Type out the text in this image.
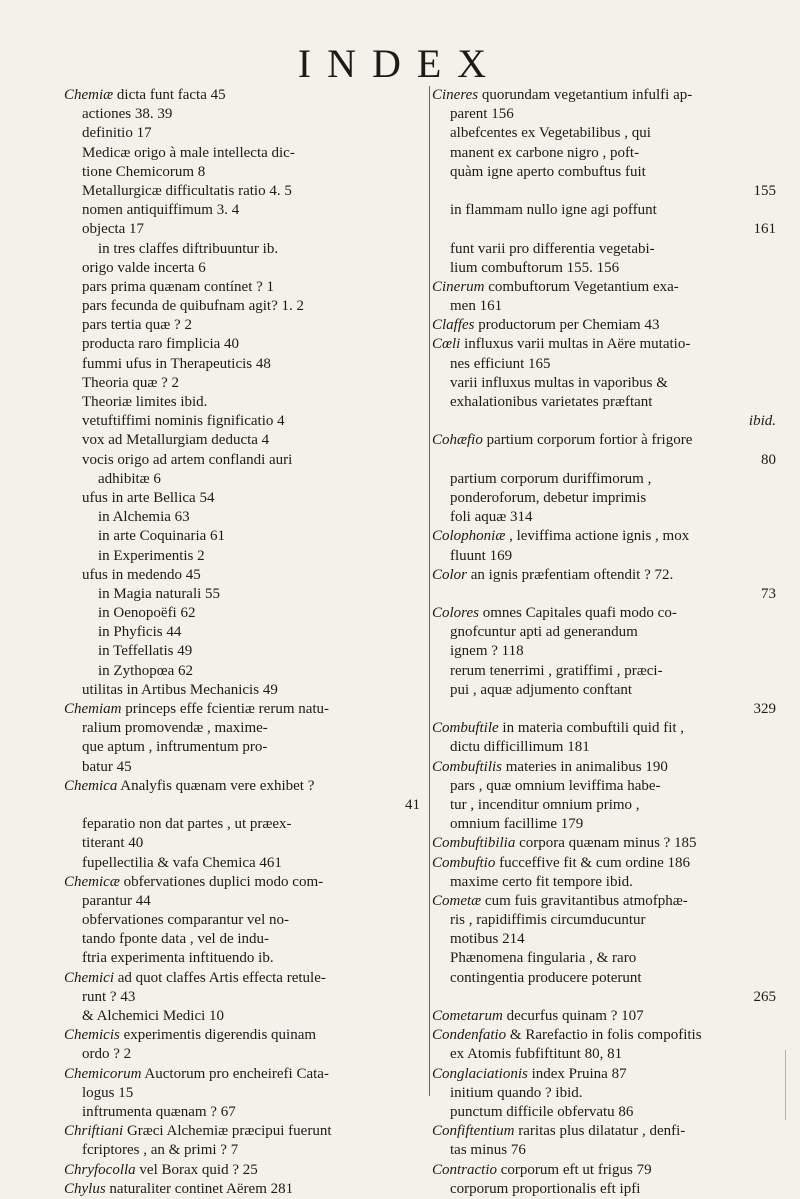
INDEX
Chemiæ dicta funt facta 45
actiones 38. 39
definitio 17
Medicæ origo à male intellecta dic-
tione Chemicorum 8
Metallurgicæ difficultatis ratio 4. 5
nomen antiquiffimum 3. 4
objecta 17
in tres claffes diftribuuntur ib.
origo valde incerta 6
pars prima quænam contínet ? 1
pars fecunda de quibufnam agit? 1. 2
pars tertia quæ ? 2
producta raro fimplicia 40
fummi ufus in Therapeuticis 48
Theoria quæ ? 2
Theoriæ limites ibid.
vetuftiffimi nominis fignificatio 4
vox ad Metallurgiam deducta 4
vocis origo ad artem conflandi auri
adhibitæ 6
ufus in arte Bellica 54
in Alchemia 63
in arte Coquinaria 61
in Experimentis 2
ufus in medendo 45
in Magia naturali 55
in Oenopoëfi 62
in Phyficis 44
in Teffellatis 49
in Zythopœa 62
utilitas in Artibus Mechanicis 49
Chemiam princeps effe fcientiæ rerum natu-
ralium promovendæ , maxime-
que aptum , inftrumentum pro-
batur 45
Chemica Analyfis quænam vere exhibet ?
41
feparatio non dat partes , ut præex-
titerant 40
fupellectilia & vafa Chemica 461
Chemicæ obfervationes duplici modo com-
parantur 44
obfervationes comparantur vel no-
tando fponte data , vel de indu-
ftria experimenta inftituendo ib.
Chemici ad quot claffes Artis effecta retule-
runt ? 43
& Alchemici Medici 10
Chemicis experimentis digerendis quinam
ordo ? 2
Chemicorum Auctorum pro encheirefi Cata-
logus 15
inftrumenta quænam ? 67
Chriftiani Græci Alchemiæ præcipui fuerunt
fcriptores , an & primi ? 7
Chryfocolla vel Borax quid ? 25
Chylus naturaliter continet Aërem 281
Cineres quorundam vegetantium infulfi ap-
parent 156
albefcentes ex Vegetabilibus , qui
manent ex carbone nigro , poft-
quàm igne aperto combuftus fuit
155
in flammam nullo igne agi poffunt
161
funt varii pro differentia vegetabi-
lium combuftorum 155. 156
Cinerum combuftorum Vegetantium exa-
men 161
Claffes productorum per Chemiam 43
Cœli influxus varii multas in Aëre mutatio-
nes efficiunt 165
varii influxus multas in vaporibus &
exhalationibus varietates præftant
ibid.
Cohæfio partium corporum fortior à frigore
80
partium corporum duriffimorum ,
ponderoforum, debetur imprimis
foli aquæ 314
Colophoniæ , leviffima actione ignis , mox
fluunt 169
Color an ignis præfentiam oftendit ? 72.
73
Colores omnes Capitales quafi modo co-
gnofcuntur apti ad generandum
ignem ? 118
rerum tenerrimi , gratiffimi , præci-
pui , aquæ adjumento conftant
329
Combuftile in materia combuftili quid fit ,
dictu difficillimum 181
Combuftilis materies in animalibus 190
pars , quæ omnium leviffima habe-
tur , incenditur omnium primo ,
omnium facillime 179
Combuftibilia corpora quænam minus ? 185
Combuftio fucceffive fit & cum ordine 186
maxime certo fit tempore ibid.
Cometæ cum fuis gravitantibus atmofphæ-
ris , rapidiffimis circumducuntur
motibus 214
Phænomena fingularia , & raro
contingentia producere poterunt
265
Cometarum decurfus quinam ? 107
Condenfatio & Rarefactio in folis compofitis
ex Atomis fubfiftitunt 80, 81
Conglaciationis index Pruina 87
initium quando ? ibid.
punctum difficile obfervatu 86
Confiftentium raritas plus dilatatur , denfi-
tas minus 76
Contractio corporum eft ut frigus 79
corporum proportionalis eft ipfi
